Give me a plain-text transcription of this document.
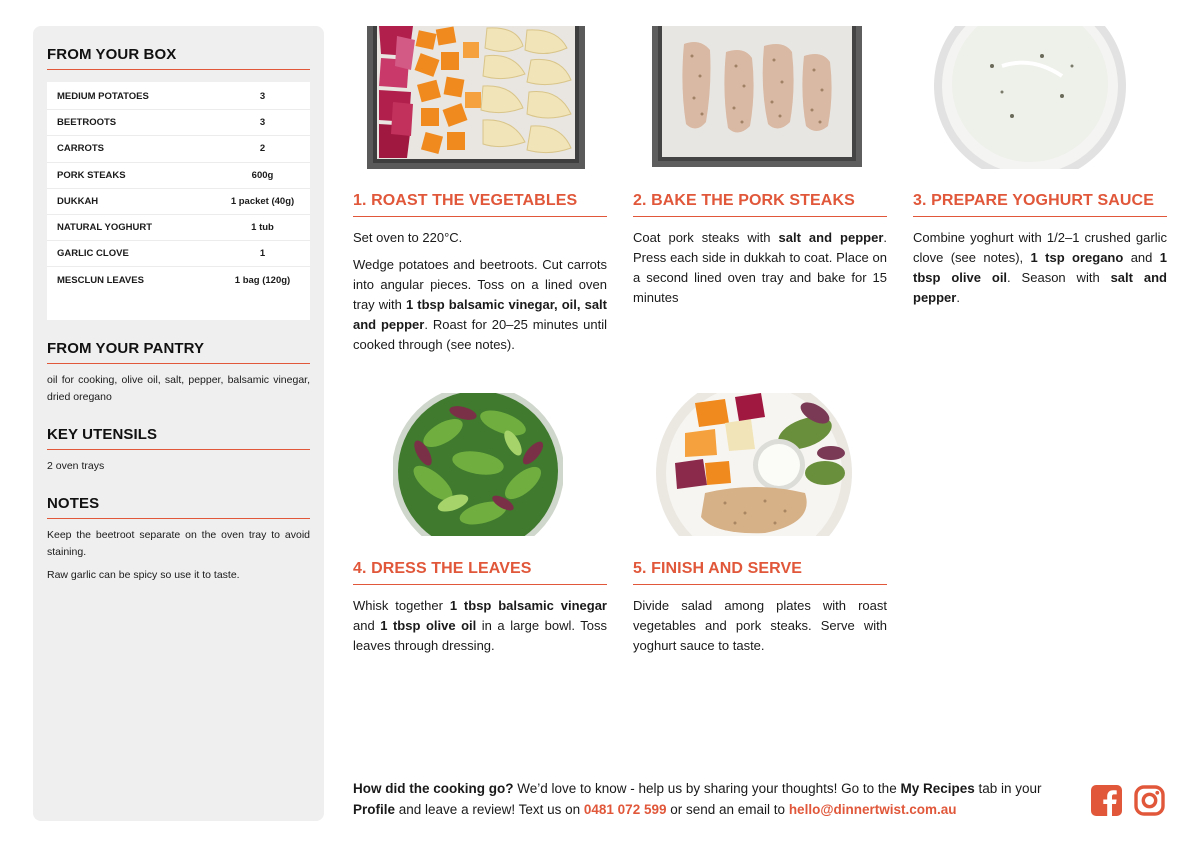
FROM YOUR BOX
MEDIUM POTATOES	3
BEETROOTS	3
CARROTS	2
PORK STEAKS	600g
DUKKAH	1 packet (40g)
NATURAL YOGHURT	1 tub
GARLIC CLOVE	1
MESCLUN LEAVES	1 bag (120g)
FROM YOUR PANTRY
oil for cooking, olive oil, salt, pepper, balsamic vinegar, dried oregano
KEY UTENSILS
2 oven trays
NOTES
Keep the beetroot separate on the oven tray to avoid staining.
Raw garlic can be spicy so use it to taste.
1. ROAST THE VEGETABLES

Set oven to 220°C.

Wedge potatoes and beetroots. Cut carrots into angular pieces. Toss on a lined oven tray with 1 tbsp balsamic vinegar, oil, salt and pepper. Roast for 20–25 minutes until cooked through (see notes).

2. BAKE THE PORK STEAKS

Coat pork steaks with salt and pepper. Press each side in dukkah to coat. Place on a second lined oven tray and bake for 15 minutes

3. PREPARE YOGHURT SAUCE

Combine yoghurt with 1/2–1 crushed garlic clove (see notes), 1 tsp oregano and 1 tbsp olive oil. Season with salt and pepper.

4. DRESS THE LEAVES

Whisk together 1 tbsp balsamic vinegar and 1 tbsp olive oil in a large bowl. Toss leaves through dressing.

5. FINISH AND SERVE

Divide salad among plates with roast vegetables and pork steaks. Serve with yoghurt sauce to taste.

How did the cooking go? We’d love to know - help us by sharing your thoughts! Go to the My Recipes tab in your Profile and leave a review! Text us on 0481 072 599 or send an email to hello@dinnertwist.com.au
